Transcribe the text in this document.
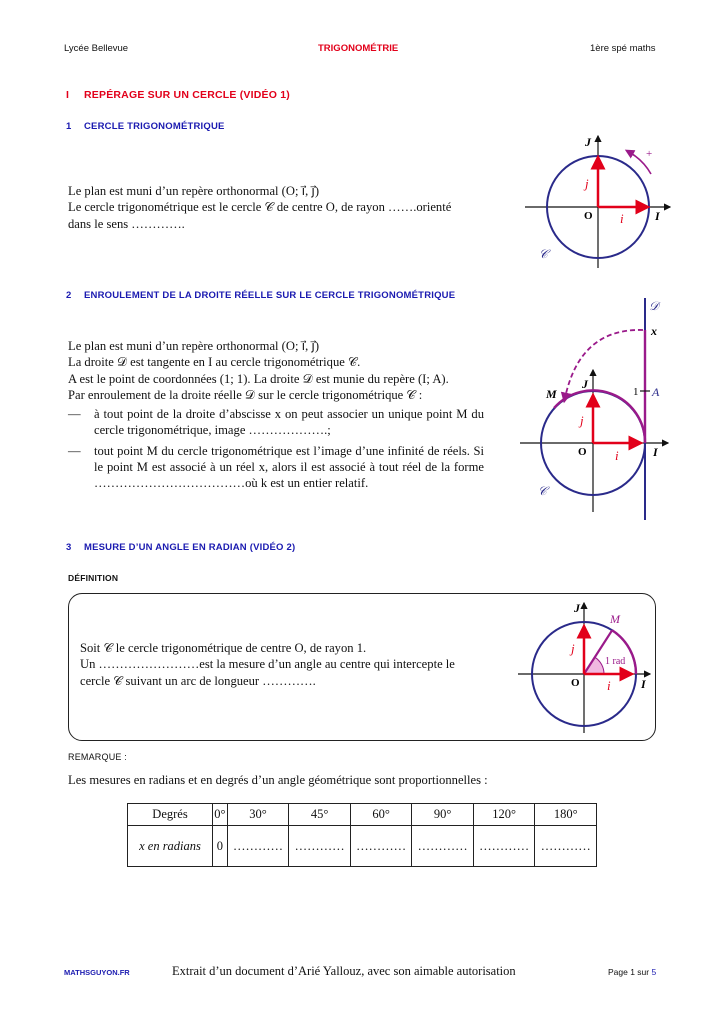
Lycée Bellevue	TRIGONOMÉTRIE	1ère spé maths
I REPÉRAGE SUR UN CERCLE (VIDÉO 1)
1 CERCLE TRIGONOMÉTRIQUE

Le plan est muni d’un repère orthonormal (O; i⃗, j⃗)

Le cercle trigonométrique est le cercle 𝒞 de centre O, de rayon …….orienté

dans le sens ………….

+
J
I
O
j⃗
i⃗
𝒞
2 ENROULEMENT DE LA DROITE RÉELLE SUR LE CERCLE TRIGONOMÉTRIQUE

Le plan est muni d’un repère orthonormal (O; i⃗, j⃗)

La droite 𝒟 est tangente en I au cercle trigonométrique 𝒞.

A est le point de coordonnées (1; 1). La droite 𝒟 est munie du repère (I; A).

Par enroulement de la droite réelle 𝒟 sur le cercle trigonométrique 𝒞 :

— à tout point de la droite d’abscisse x on peut associer un unique point M du cercle trigonométrique, image ……………….;

— tout point M du cercle trigonométrique est l’image d’une infinité de réels. Si le point M est associé à un réel x, alors il est associé à tout réel de la forme ………………………………où k est un entier relatif.

𝒟
x
1 A
M
J
I
O
j⃗
i⃗
𝒞
3 MESURE D’UN ANGLE EN RADIAN (VIDÉO 2)
DÉFINITION

Soit 𝒞 le cercle trigonométrique de centre O, de rayon 1.

Un ……………………est la mesure d’un angle au centre qui intercepte le

cercle 𝒞 suivant un arc de longueur ………….

M
1 rad
J
I
O
j⃗
i⃗
REMARQUE :
Les mesures en radians et en degrés d’un angle géométrique sont proportionnelles :
Degrés	0°	30°	45°	60°	90°	120°	180°
x en radians	0	…………	…………	…………	…………	…………	…………
MATHSGUYON.FR	Extrait d’un document d’Arié Yallouz, avec son aimable autorisation	Page 1 sur 5
